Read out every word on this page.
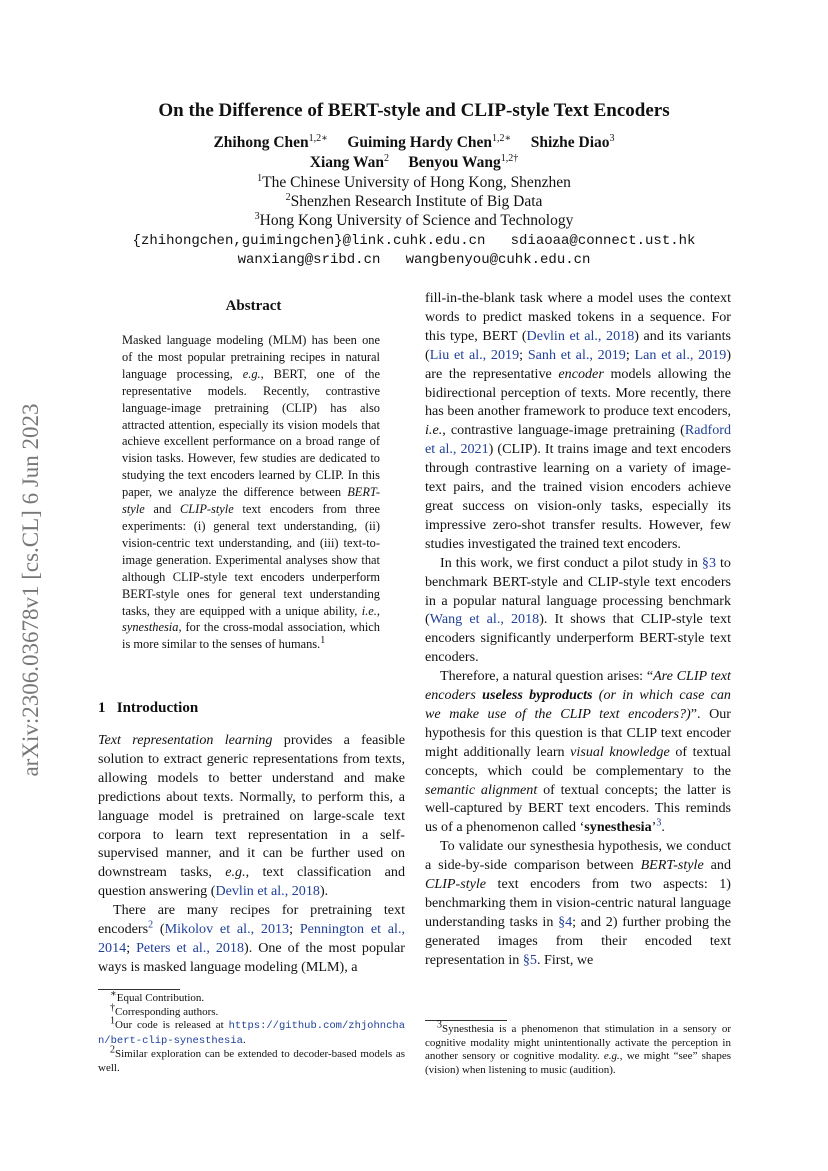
arXiv:2306.03678v1 [cs.CL] 6 Jun 2023
On the Difference of BERT-style and CLIP-style Text Encoders
Zhihong Chen$^{1,2∗}$ Guiming Hardy Chen$^{1,2∗}$ Shizhe Diao$^3$
Xiang Wan$^2$ Benyou Wang$^{1,2\dagger}$
$^1$The Chinese University of Hong Kong, Shenzhen
$^2$Shenzhen Research Institute of Big Data
$^3$Hong Kong University of Science and Technology
{zhihongchen,guimingchen}@link.cuhk.edu.cn   sdiaoaa@connect.ust.hk
wanxiang@sribd.cn   wangbenyou@cuhk.edu.cn
Abstract
Masked language modeling (MLM) has been one of the most popular pretraining recipes in natural language processing, e.g., BERT, one of the representative models. Recently, contrastive language-image pretraining (CLIP) has also attracted attention, especially its vision models that achieve excellent performance on a broad range of vision tasks. However, few studies are dedicated to studying the text encoders learned by CLIP. In this paper, we analyze the difference between BERT-style and CLIP-style text encoders from three experiments: (i) general text understanding, (ii) vision-centric text understanding, and (iii) text-to-image generation. Experimental analyses show that although CLIP-style text encoders underperform BERT-style ones for general text understanding tasks, they are equipped with a unique ability, i.e., synesthesia, for the cross-modal association, which is more similar to the senses of humans.$^1$
1   Introduction

Text representation learning provides a feasible solution to extract generic representations from texts, allowing models to better understand and make predictions about texts. Normally, to perform this, a language model is pretrained on large-scale text corpora to learn text representation in a self-supervised manner, and it can be further used on downstream tasks, e.g., text classification and question answering (Devlin et al., 2018).

There are many recipes for pretraining text encoders$^2$ (Mikolov et al., 2013; Pennington et al., 2014; Peters et al., 2018). One of the most popular ways is masked language modeling (MLM), a

fill-in-the-blank task where a model uses the context words to predict masked tokens in a sequence. For this type, BERT (Devlin et al., 2018) and its variants (Liu et al., 2019; Sanh et al., 2019; Lan et al., 2019) are the representative encoder models allowing the bidirectional perception of texts. More recently, there has been another framework to produce text encoders, i.e., contrastive language-image pretraining (Radford et al., 2021) (CLIP). It trains image and text encoders through contrastive learning on a variety of image-text pairs, and the trained vision encoders achieve great success on vision-only tasks, especially its impressive zero-shot transfer results. However, few studies investigated the trained text encoders.

In this work, we first conduct a pilot study in §3 to benchmark BERT-style and CLIP-style text encoders in a popular natural language processing benchmark (Wang et al., 2018). It shows that CLIP-style text encoders significantly underperform BERT-style text encoders.

Therefore, a natural question arises: “Are CLIP text encoders useless byproducts (or in which case can we make use of the CLIP text encoders?)”. Our hypothesis for this question is that CLIP text encoder might additionally learn visual knowledge of textual concepts, which could be complementary to the semantic alignment of textual concepts; the latter is well-captured by BERT text encoders. This reminds us of a phenomenon called ‘synesthesia’$^3$.

To validate our synesthesia hypothesis, we conduct a side-by-side comparison between BERT-style and CLIP-style text encoders from two aspects: 1) benchmarking them in vision-centric natural language understanding tasks in §4; and 2) further probing the generated images from their encoded text representation in §5. First, we

∗Equal Contribution.
†Corresponding authors.
$^1$Our code is released at https://github.com/zhjohnchan/bert-clip-synesthesia.
$^2$Similar exploration can be extended to decoder-based models as well.
$^3$Synesthesia is a phenomenon that stimulation in a sensory or cognitive modality might unintentionally activate the perception in another sensory or cognitive modality. e.g., we might “see” shapes (vision) when listening to music (audition).
